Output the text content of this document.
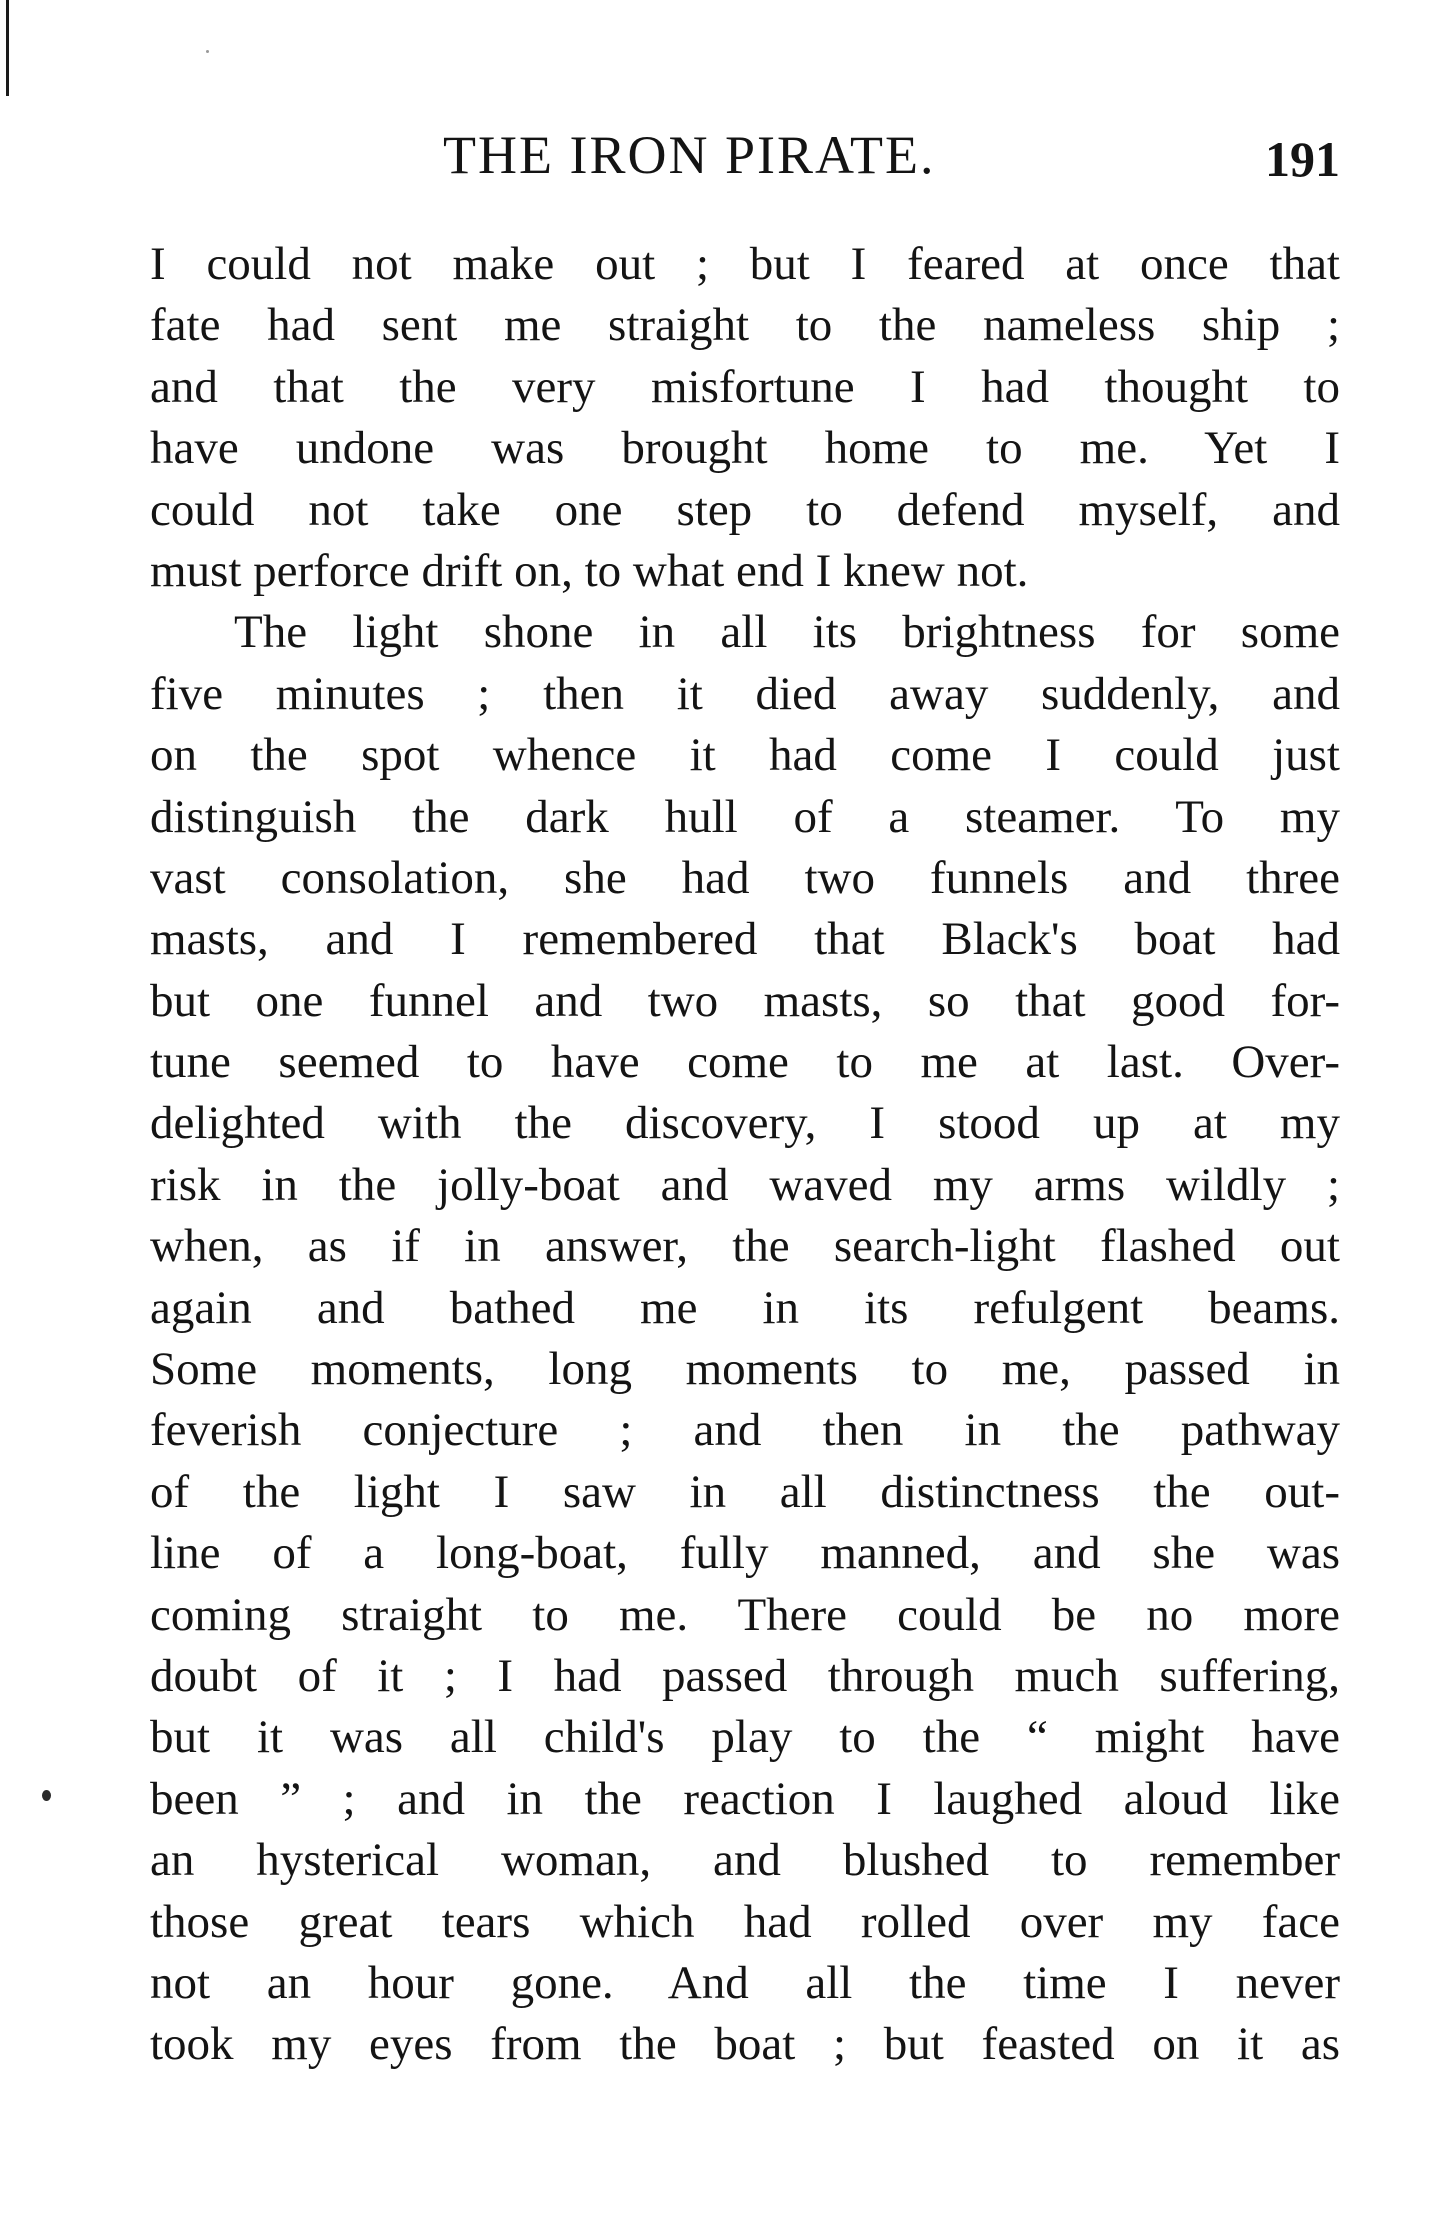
THE IRON PIRATE.	191
I could not make out ; but I feared at once that
fate had sent me straight to the nameless ship ;
and that the very misfortune I had thought to
have undone was brought home to me. Yet I
could not take one step to defend myself, and
must perforce drift on, to what end I knew not.
The light shone in all its brightness for some
five minutes ; then it died away suddenly, and
on the spot whence it had come I could just
distinguish the dark hull of a steamer. To my
vast consolation, she had two funnels and three
masts, and I remembered that Black's boat had
but one funnel and two masts, so that good for-
tune seemed to have come to me at last. Over-
delighted with the discovery, I stood up at my
risk in the jolly-boat and waved my arms wildly ;
when, as if in answer, the search-light flashed out
again and bathed me in its refulgent beams.
Some moments, long moments to me, passed in
feverish conjecture ; and then in the pathway
of the light I saw in all distinctness the out-
line of a long-boat, fully manned, and she was
coming straight to me. There could be no more
doubt of it ; I had passed through much suffering,
but it was all child's play to the “ might have
been ” ; and in the reaction I laughed aloud like
an hysterical woman, and blushed to remember
those great tears which had rolled over my face
not an hour gone. And all the time I never
took my eyes from the boat ; but feasted on it as
